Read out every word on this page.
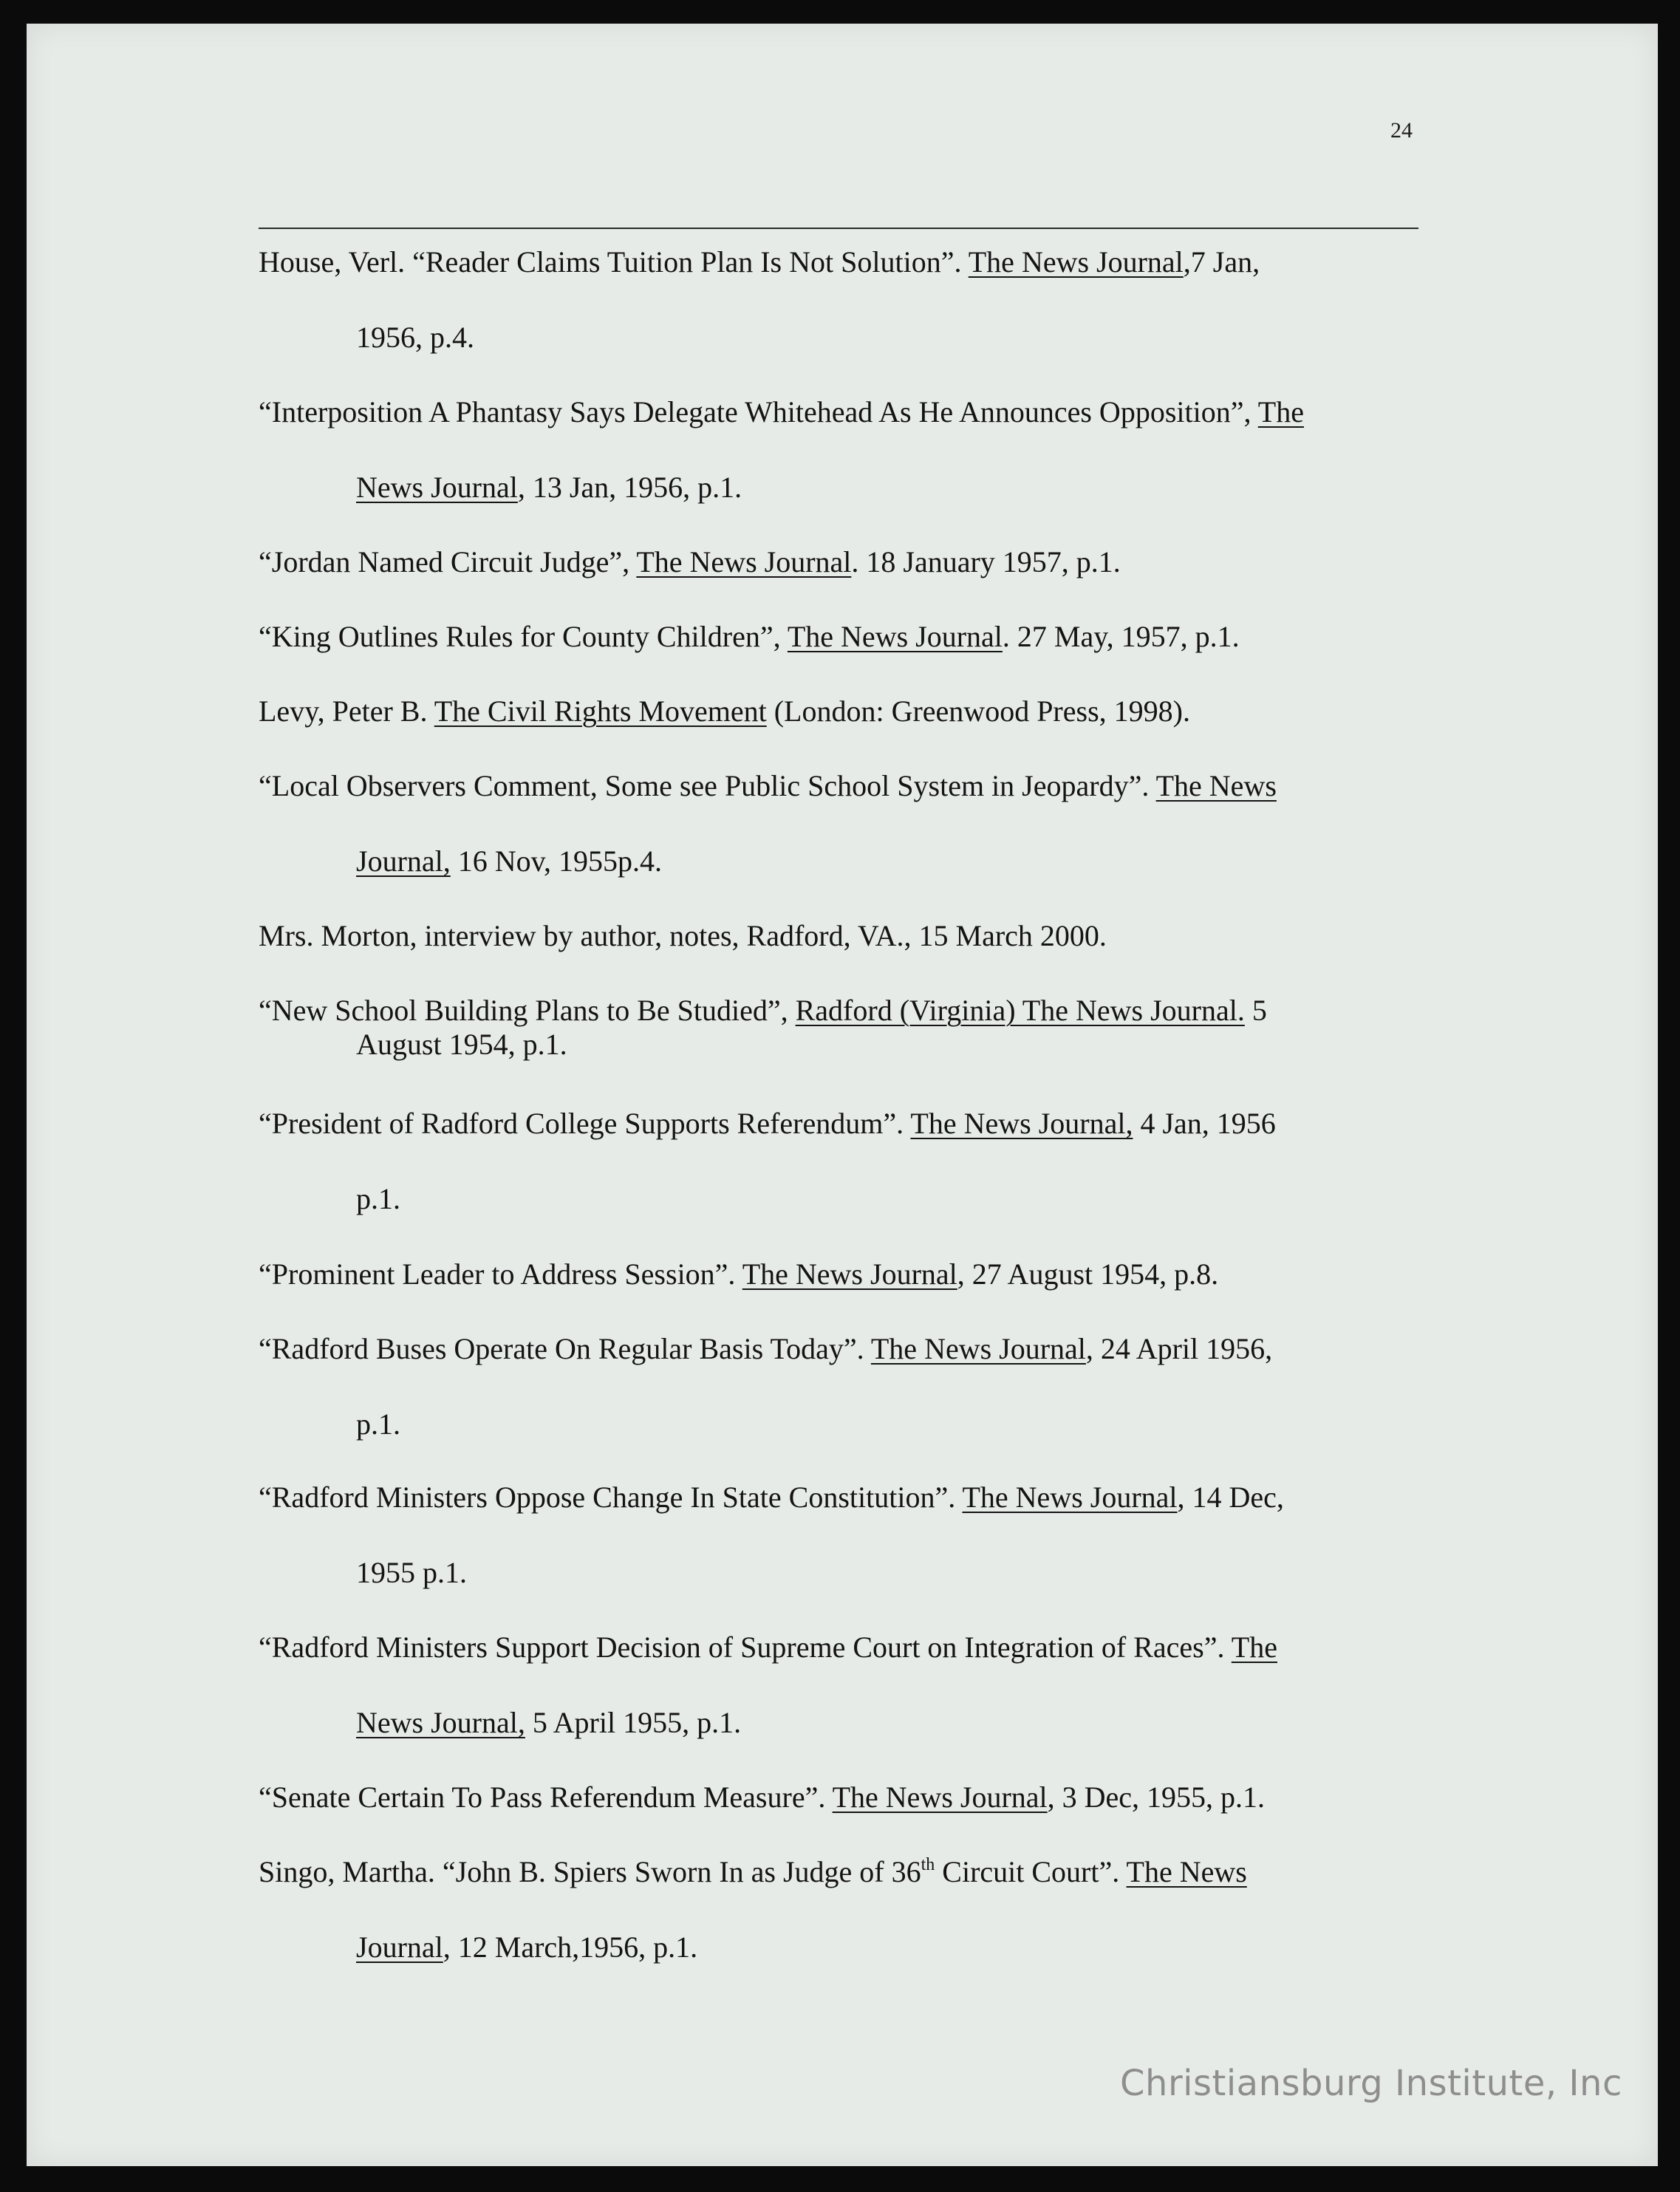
24
House, Verl. “Reader Claims Tuition Plan Is Not Solution”. The News Journal,7 Jan,
1956, p.4.
“Interposition A Phantasy Says Delegate Whitehead As He Announces Opposition”, The
News Journal, 13 Jan, 1956, p.1.
“Jordan Named Circuit Judge”, The News Journal. 18 January 1957, p.1.
“King Outlines Rules for County Children”, The News Journal. 27 May, 1957, p.1.
Levy, Peter B. The Civil Rights Movement (London: Greenwood Press, 1998).
“Local Observers Comment, Some see Public School System in Jeopardy”. The News
Journal, 16 Nov, 1955p.4.
Mrs. Morton, interview by author, notes, Radford, VA., 15 March 2000.
“New School Building Plans to Be Studied”, Radford (Virginia) The News Journal. 5
August 1954, p.1.
“President of Radford College Supports Referendum”. The News Journal, 4 Jan, 1956
p.1.
“Prominent Leader to Address Session”. The News Journal, 27 August 1954, p.8.
“Radford Buses Operate On Regular Basis Today”. The News Journal, 24 April 1956,
p.1.
“Radford Ministers Oppose Change In State Constitution”. The News Journal, 14 Dec,
1955 p.1.
“Radford Ministers Support Decision of Supreme Court on Integration of Races”. The
News Journal, 5 April 1955, p.1.
“Senate Certain To Pass Referendum Measure”. The News Journal, 3 Dec, 1955, p.1.
Singo, Martha. “John B. Spiers Sworn In as Judge of 36th Circuit Court”. The News
Journal, 12 March,1956, p.1.
Christiansburg Institute, Inc
